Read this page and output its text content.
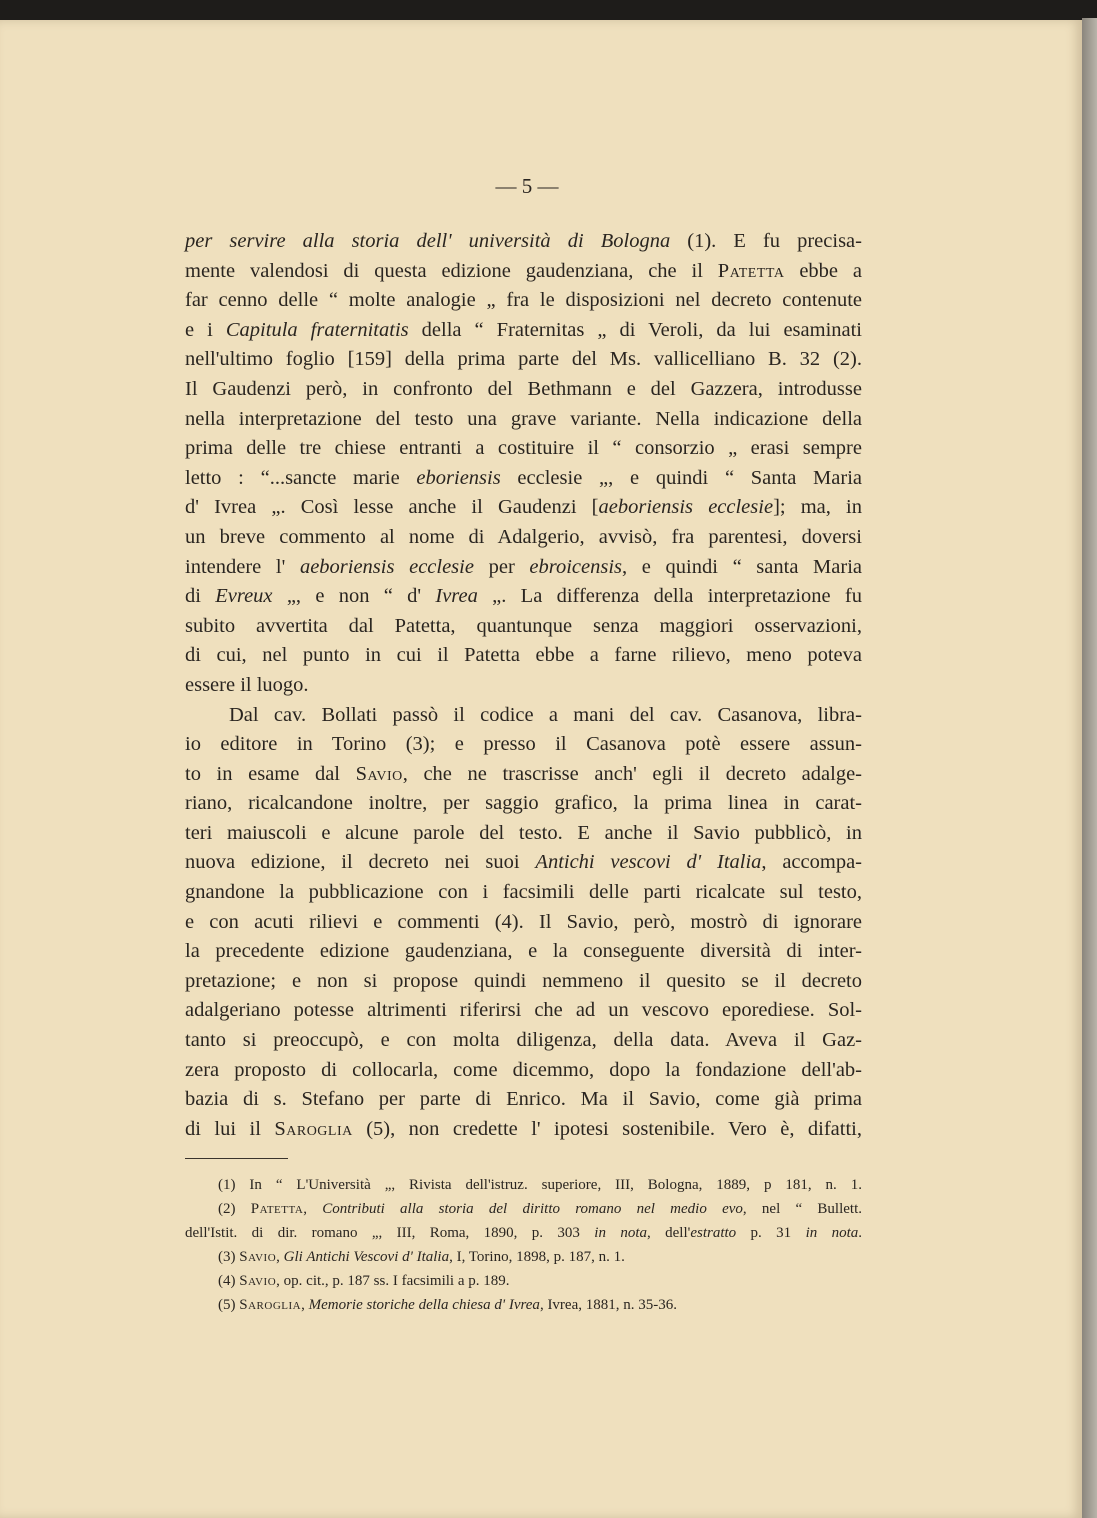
— 5 —
per servire alla storia dell' università di Bologna (1). E fu precisa-
mente valendosi di questa edizione gaudenziana, che il Patetta ebbe a
far cenno delle “ molte analogie „ fra le disposizioni nel decreto contenute
e i Capitula fraternitatis della “ Fraternitas „ di Veroli, da lui esaminati
nell'ultimo foglio [159] della prima parte del Ms. vallicelliano B. 32 (2).
Il Gaudenzi però, in confronto del Bethmann e del Gazzera, introdusse
nella interpretazione del testo una grave variante. Nella indicazione della
prima delle tre chiese entranti a costituire il “ consorzio „ erasi sempre
letto : “...sancte marie eboriensis ecclesie „, e quindi “ Santa Maria
d' Ivrea „. Così lesse anche il Gaudenzi [aeboriensis ecclesie]; ma, in
un breve commento al nome di Adalgerio, avvisò, fra parentesi, doversi
intendere l' aeboriensis ecclesie per ebroicensis, e quindi “ santa Maria
di Evreux „, e non “ d' Ivrea „. La differenza della interpretazione fu
subito avvertita dal Patetta, quantunque senza maggiori osservazioni,
di cui, nel punto in cui il Patetta ebbe a farne rilievo, meno poteva
essere il luogo.
Dal cav. Bollati passò il codice a mani del cav. Casanova, libra-
io editore in Torino (3); e presso il Casanova potè essere assun-
to in esame dal Savio, che ne trascrisse anch' egli il decreto adalge-
riano, ricalcandone inoltre, per saggio grafico, la prima linea in carat-
teri maiuscoli e alcune parole del testo. E anche il Savio pubblicò, in
nuova edizione, il decreto nei suoi Antichi vescovi d' Italia, accompa-
gnandone la pubblicazione con i facsimili delle parti ricalcate sul testo,
e con acuti rilievi e commenti (4). Il Savio, però, mostrò di ignorare
la precedente edizione gaudenziana, e la conseguente diversità di inter-
pretazione; e non si propose quindi nemmeno il quesito se il decreto
adalgeriano potesse altrimenti riferirsi che ad un vescovo eporediese. Sol-
tanto si preoccupò, e con molta diligenza, della data. Aveva il Gaz-
zera proposto di collocarla, come dicemmo, dopo la fondazione dell'ab-
bazia di s. Stefano per parte di Enrico. Ma il Savio, come già prima
di lui il Saroglia (5), non credette l' ipotesi sostenibile. Vero è, difatti,
(1) In “ L'Università „, Rivista dell'istruz. superiore, III, Bologna, 1889, p 181, n. 1.
(2) Patetta, Contributi alla storia del diritto romano nel medio evo, nel “ Bullett.
dell'Istit. di dir. romano „, III, Roma, 1890, p. 303 in nota, dell'estratto p. 31 in nota.
(3) Savio, Gli Antichi Vescovi d' Italia, I, Torino, 1898, p. 187, n. 1.
(4) Savio, op. cit., p. 187 ss. I facsimili a p. 189.
(5) Saroglia, Memorie storiche della chiesa d' Ivrea, Ivrea, 1881, n. 35-36.
